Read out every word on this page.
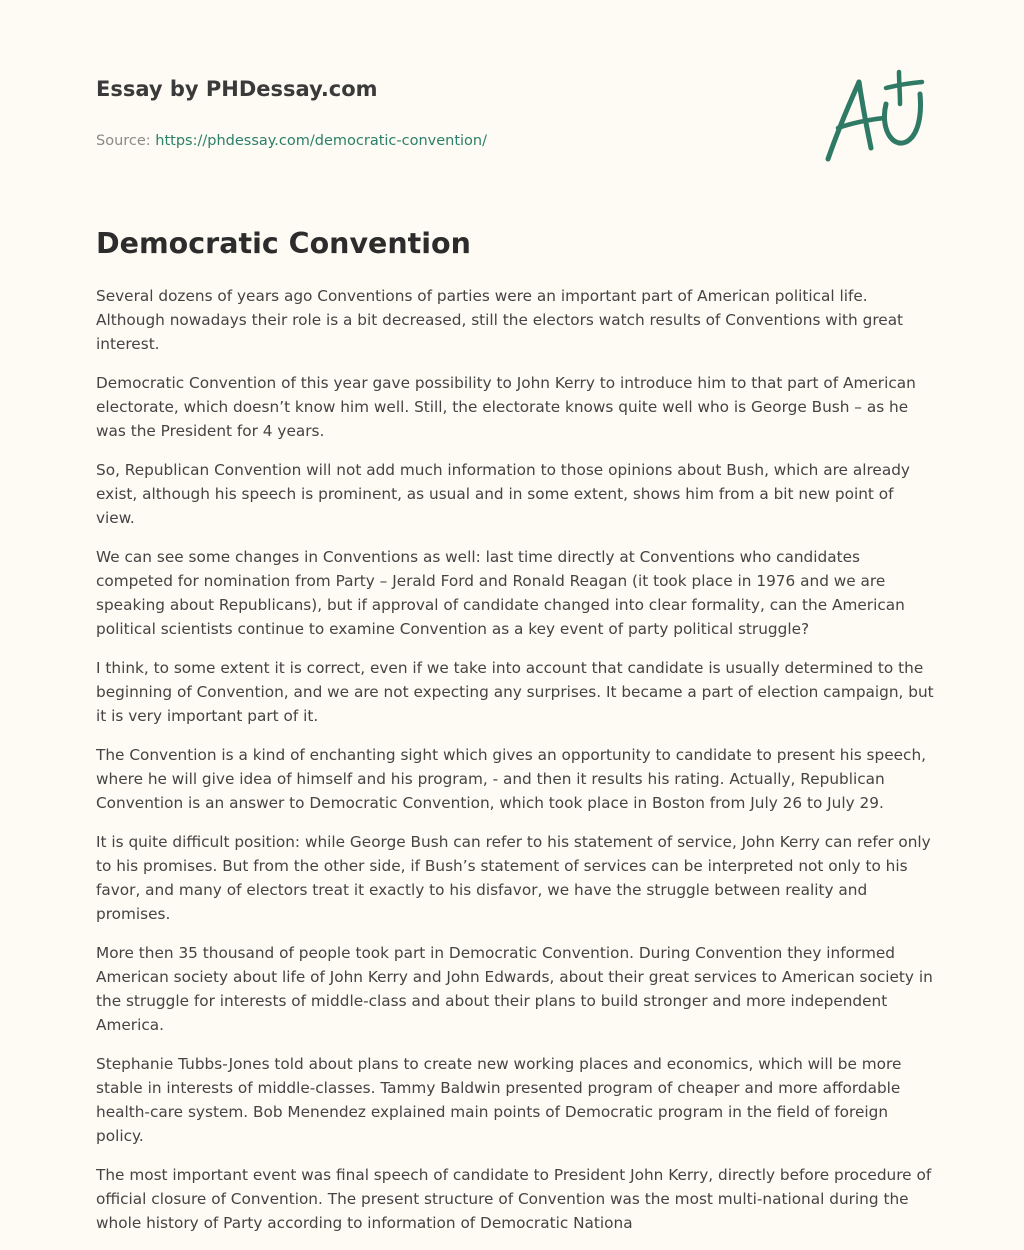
Essay by PHDessay.com
Source: https://phdessay.com/democratic-convention/
Democratic Convention

Several dozens of years ago Conventions of parties were an important part of American political life. Although nowadays their role is a bit decreased, still the electors watch results of Conventions with great interest.

Democratic Convention of this year gave possibility to John Kerry to introduce him to that part of American electorate, which doesn’t know him well. Still, the electorate knows quite well who is George Bush – as he was the President for 4 years.

So, Republican Convention will not add much information to those opinions about Bush, which are already exist, although his speech is prominent, as usual and in some extent, shows him from a bit new point of view.

We can see some changes in Conventions as well: last time directly at Conventions who candidates competed for nomination from Party – Jerald Ford and Ronald Reagan (it took place in 1976 and we are speaking about Republicans), but if approval of candidate changed into clear formality, can the American political scientists continue to examine Convention as a key event of party political struggle?

I think, to some extent it is correct, even if we take into account that candidate is usually determined to the beginning of Convention, and we are not expecting any surprises. It became a part of election campaign, but it is very important part of it.

The Convention is a kind of enchanting sight which gives an opportunity to candidate to present his speech, where he will give idea of himself and his program, - and then it results his rating. Actually, Republican Convention is an answer to Democratic Convention, which took place in Boston from July 26 to July 29.

It is quite difficult position: while George Bush can refer to his statement of service, John Kerry can refer only to his promises. But from the other side, if Bush’s statement of services can be interpreted not only to his favor, and many of electors treat it exactly to his disfavor, we have the struggle between reality and promises.

More then 35 thousand of people took part in Democratic Convention. During Convention they informed American society about life of John Kerry and John Edwards, about their great services to American society in the struggle for interests of middle-class and about their plans to build stronger and more independent America.

Stephanie Tubbs-Jones told about plans to create new working places and economics, which will be more stable in interests of middle-classes. Tammy Baldwin presented program of cheaper and more affordable health-care system. Bob Menendez explained main points of Democratic program in the field of foreign policy.

The most important event was final speech of candidate to President John Kerry, directly before procedure of official closure of Convention. The present structure of Convention was the most multi-national during the whole history of Party according to information of Democratic Nationa
